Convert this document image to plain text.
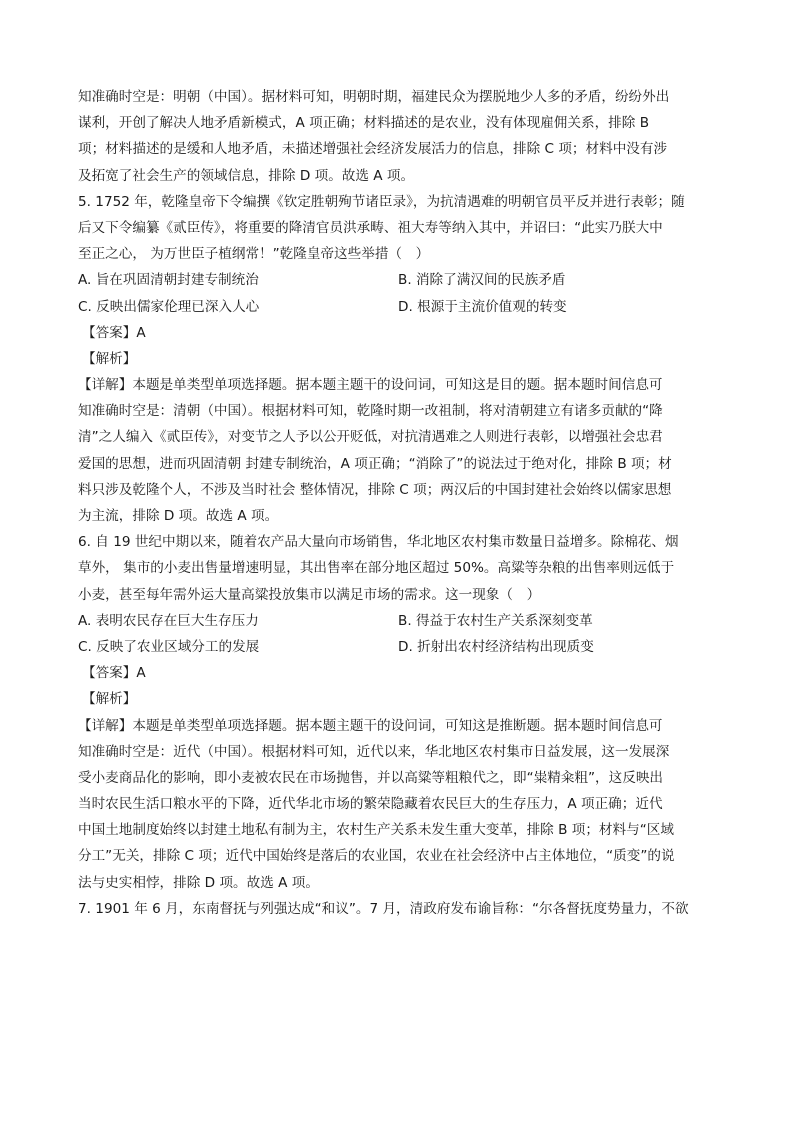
知准确时空是：明朝（中国）。据材料可知，明朝时期，福建民众为摆脱地少人多的矛盾，纷纷外出
谋利，开创了解决人地矛盾新模式，A 项正确；材料描述的是农业，没有体现雇佣关系，排除 B
项；材料描述的是缓和人地矛盾，未描述增强社会经济发展活力的信息，排除 C 项；材料中没有涉
及拓宽了社会生产的领域信息，排除 D 项。故选 A 项。
5. 1752 年，乾隆皇帝下令编撰《钦定胜朝殉节诸臣录》，为抗清遇难的明朝官员平反并进行表彰；随
后又下令编纂《贰臣传》，将重要的降清官员洪承畴、祖大寿等纳入其中，并诏曰：“此实乃朕大中
至正之心， 为万世臣子植纲常！”乾隆皇帝这些举措（　）
A. 旨在巩固清朝封建专制统治	B. 消除了满汉间的民族矛盾
C. 反映出儒家伦理已深入人心	D. 根源于主流价值观的转变
【答案】A
【解析】
【详解】本题是单类型单项选择题。据本题主题干的设问词，可知这是目的题。据本题时间信息可
知准确时空是：清朝（中国）。根据材料可知，乾隆时期一改祖制，将对清朝建立有诸多贡献的“降
清”之人编入《贰臣传》，对变节之人予以公开贬低，对抗清遇难之人则进行表彰，以增强社会忠君
爱国的思想，进而巩固清朝 封建专制统治，A 项正确；“消除了”的说法过于绝对化，排除 B 项；材
料只涉及乾隆个人，不涉及当时社会 整体情况，排除 C 项；两汉后的中国封建社会始终以儒家思想
为主流，排除 D 项。故选 A 项。
6. 自 19 世纪中期以来，随着农产品大量向市场销售，华北地区农村集市数量日益增多。除棉花、烟
草外， 集市的小麦出售量增速明显，其出售率在部分地区超过 50%。高粱等杂粮的出售率则远低于
小麦，甚至每年需外运大量高粱投放集市以满足市场的需求。这一现象（　）
A. 表明农民存在巨大生存压力	B. 得益于农村生产关系深刻变革
C. 反映了农业区域分工的发展	D. 折射出农村经济结构出现质变
【答案】A
【解析】
【详解】本题是单类型单项选择题。据本题主题干的设问词，可知这是推断题。据本题时间信息可
知准确时空是：近代（中国）。根据材料可知，近代以来，华北地区农村集市日益发展，这一发展深
受小麦商品化的影响，即小麦被农民在市场抛售，并以高粱等粗粮代之，即“粜精籴粗”，这反映出
当时农民生活口粮水平的下降，近代华北市场的繁荣隐藏着农民巨大的生存压力，A 项正确；近代
中国土地制度始终以封建土地私有制为主，农村生产关系未发生重大变革，排除 B 项；材料与“区域
分工”无关，排除 C 项；近代中国始终是落后的农业国，农业在社会经济中占主体地位，“质变”的说
法与史实相悖，排除 D 项。故选 A 项。
7. 1901 年 6 月，东南督抚与列强达成“和议”。7 月，清政府发布谕旨称：“尔各督抚度势量力，不欲
